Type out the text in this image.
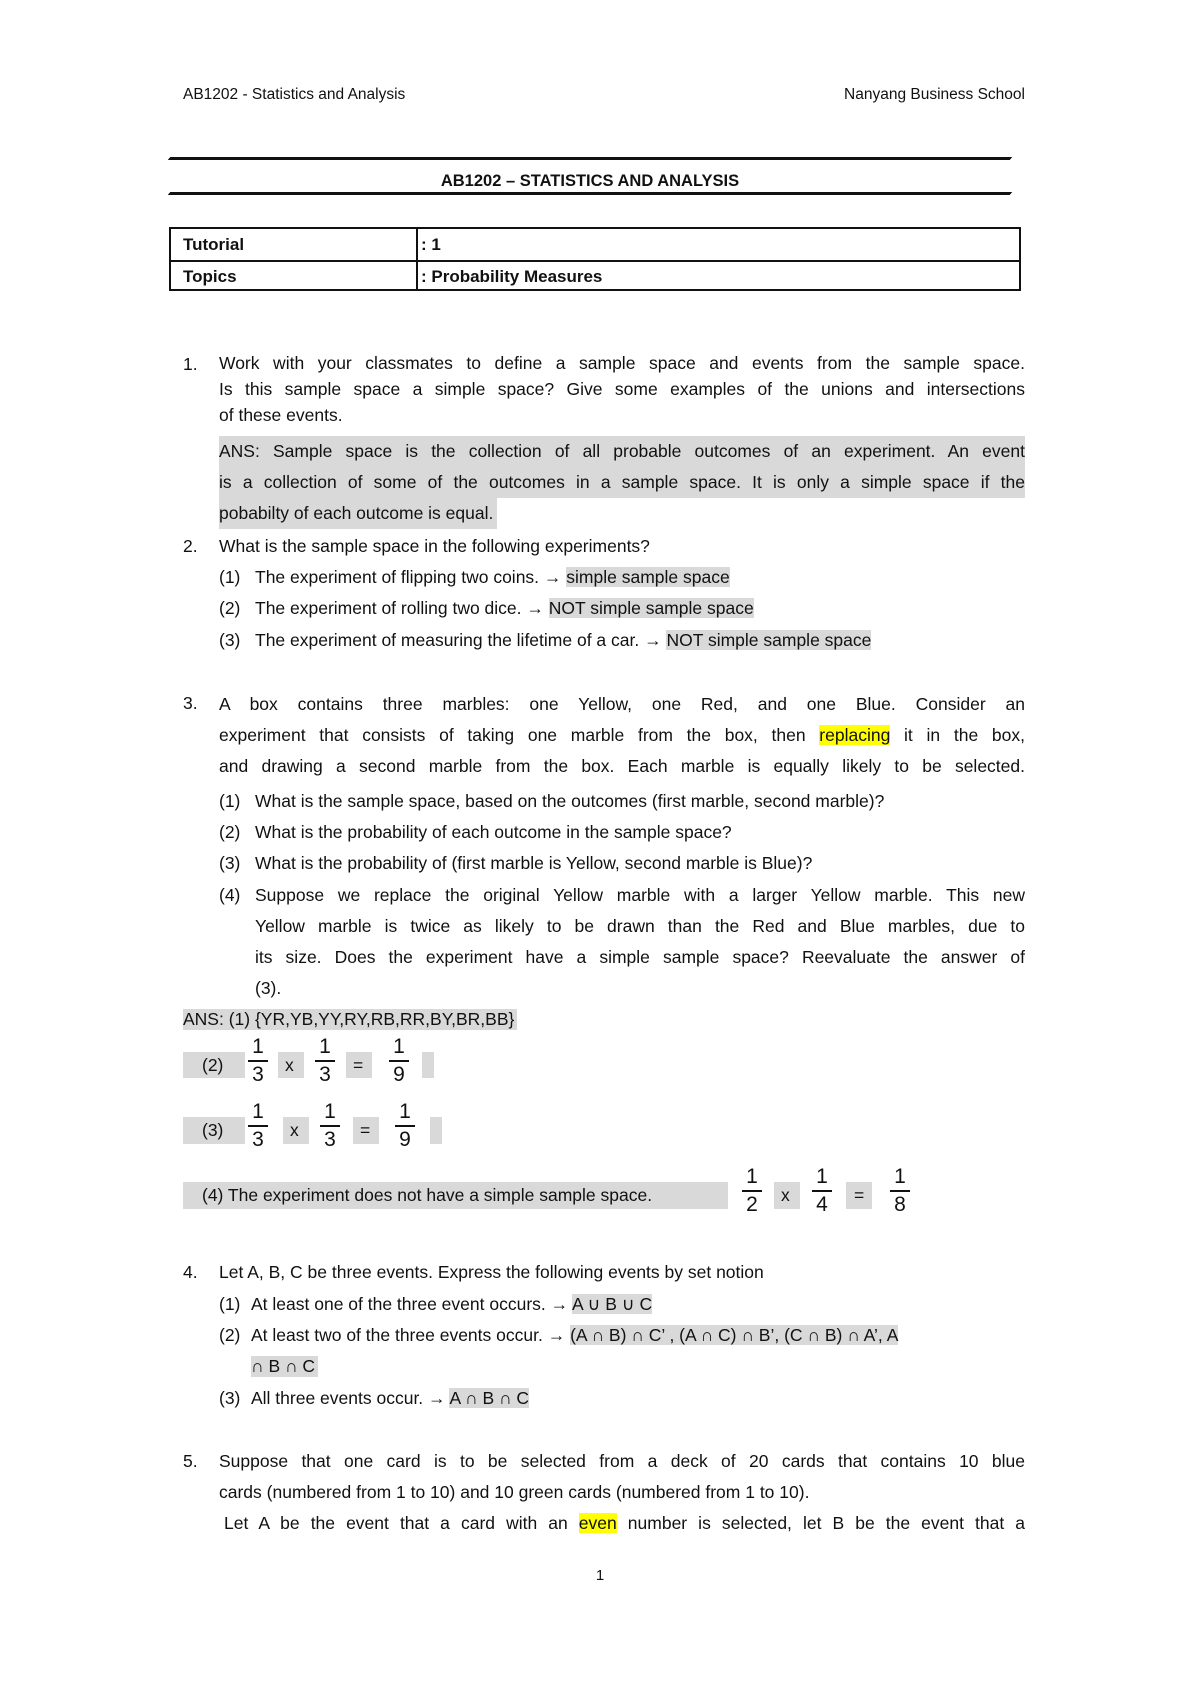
AB1202 - Statistics and Analysis	Nanyang Business School
AB1202 – STATISTICS AND ANALYSIS
Tutorial	: 1
Topics	: Probability Measures
1. Work with your classmates to define a sample space and events from the sample space.
Is this sample space a simple space? Give some examples of the unions and intersections
of these events.
ANS: Sample space is the collection of all probable outcomes of an experiment. An event
is a collection of some of the outcomes in a sample space. It is only a simple space if the
pobabilty of each outcome is equal.
2. What is the sample space in the following experiments?
(1) The experiment of flipping two coins. → simple sample space
(2) The experiment of rolling two dice. → NOT simple sample space
(3) The experiment of measuring the lifetime of a car. → NOT simple sample space
3. A box contains three marbles: one Yellow, one Red, and one Blue. Consider an
experiment that consists of taking one marble from the box, then replacing it in the box,
and drawing a second marble from the box. Each marble is equally likely to be selected.
(1) What is the sample space, based on the outcomes (first marble, second marble)?
(2) What is the probability of each outcome in the sample space?
(3) What is the probability of (first marble is Yellow, second marble is Blue)?
(4) Suppose we replace the original Yellow marble with a larger Yellow marble. This new
Yellow marble is twice as likely to be drawn than the Red and Blue marbles, due to
its size. Does the experiment have a simple sample space? Reevaluate the answer of
(3).
ANS: (1) {YR,YB,YY,RY,RB,RR,BY,BR,BB}
(2)
1
3	x
1
3	=
1
9
(3)
1
3	x
1
3	=
1
9
(4) The experiment does not have a simple sample space.
1
2	x
1
4	=
1
8
4. Let A, B, C be three events. Express the following events by set notion
(1) At least one of the three event occurs. → A ∪ B ∪ C
(2) At least two of the three events occur. → (A ∩ B) ∩ C’ , (A ∩ C) ∩ B’, (C ∩ B) ∩ A’, A
∩ B ∩ C
(3) All three events occur. → A ∩ B ∩ C
5. Suppose that one card is to be selected from a deck of 20 cards that contains 10 blue
cards (numbered from 1 to 10) and 10 green cards (numbered from 1 to 10).
Let A be the event that a card with an even number is selected, let B be the event that a
1
